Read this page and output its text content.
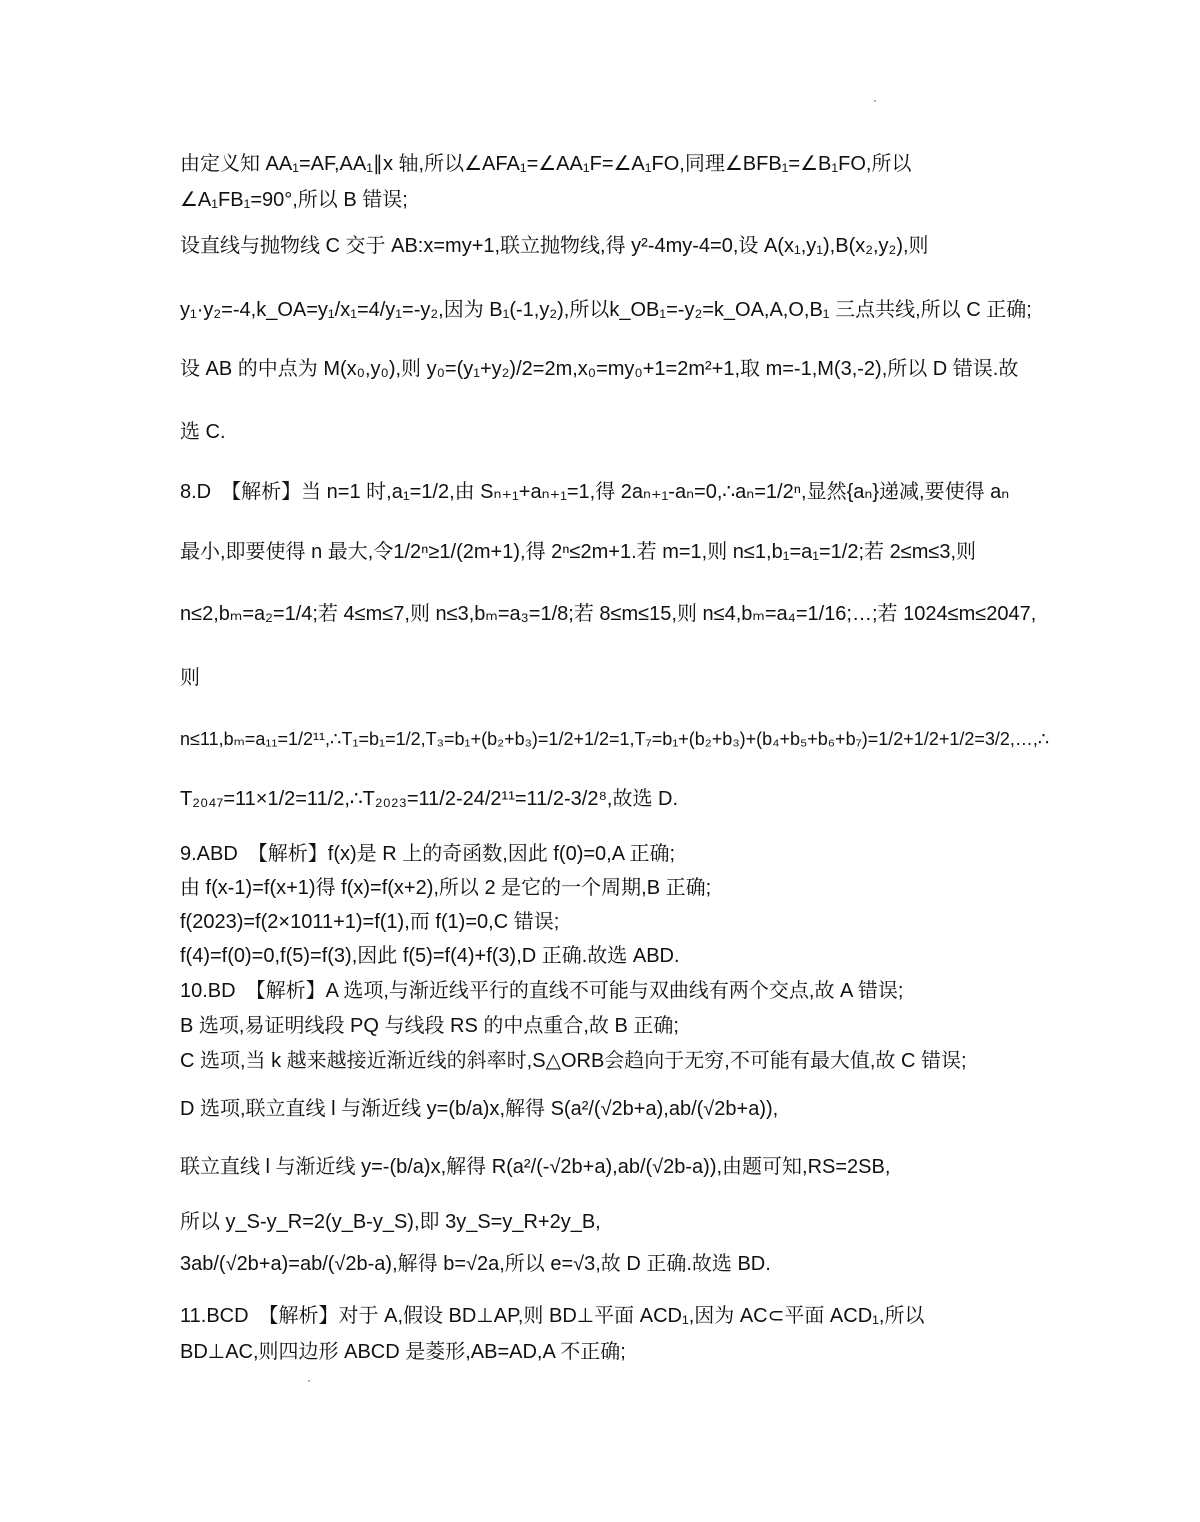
由定义知 AA₁=AF,AA₁∥x 轴,所以∠AFA₁=∠AA₁F=∠A₁FO,同理∠BFB₁=∠B₁FO,所以
∠A₁FB₁=90°,所以 B 错误;
设直线与抛物线 C 交于 AB:x=my+1,联立抛物线,得 y²-4my-4=0,设 A(x₁,y₁),B(x₂,y₂),则
y₁·y₂=-4,k_OA=y₁/x₁=4/y₁=-y₂,因为 B₁(-1,y₂),所以k_OB₁=-y₂=k_OA,A,O,B₁ 三点共线,所以 C 正确;
设 AB 的中点为 M(x₀,y₀),则 y₀=(y₁+y₂)/2=2m,x₀=my₀+1=2m²+1,取 m=-1,M(3,-2),所以 D 错误.故
选 C.
8.D　【解析】当 n=1 时,a₁=1/2,由 Sₙ₊₁+aₙ₊₁=1,得 2aₙ₊₁-aₙ=0,∴aₙ=1/2ⁿ,显然{aₙ}递减,要使得 aₙ
最小,即要使得 n 最大,令1/2ⁿ≥1/(2m+1),得 2ⁿ≤2m+1.若 m=1,则 n≤1,b₁=a₁=1/2;若 2≤m≤3,则
n≤2,bₘ=a₂=1/4;若 4≤m≤7,则 n≤3,bₘ=a₃=1/8;若 8≤m≤15,则 n≤4,bₘ=a₄=1/16;…;若 1024≤m≤2047,
则
n≤11,bₘ=a₁₁=1/2¹¹,∴T₁=b₁=1/2,T₃=b₁+(b₂+b₃)=1/2+1/2=1,T₇=b₁+(b₂+b₃)+(b₄+b₅+b₆+b₇)=1/2+1/2+1/2=3/2,…,∴
T₂₀₄₇=11×1/2=11/2,∴T₂₀₂₃=11/2-24/2¹¹=11/2-3/2⁸,故选 D.
9.ABD　【解析】f(x)是 R 上的奇函数,因此 f(0)=0,A 正确;
由 f(x-1)=f(x+1)得 f(x)=f(x+2),所以 2 是它的一个周期,B 正确;
f(2023)=f(2×1011+1)=f(1),而 f(1)=0,C 错误;
f(4)=f(0)=0,f(5)=f(3),因此 f(5)=f(4)+f(3),D 正确.故选 ABD.
10.BD　【解析】A 选项,与渐近线平行的直线不可能与双曲线有两个交点,故 A 错误;
B 选项,易证明线段 PQ 与线段 RS 的中点重合,故 B 正确;
C 选项,当 k 越来越接近渐近线的斜率时,S△ORB会趋向于无穷,不可能有最大值,故 C 错误;
D 选项,联立直线 l 与渐近线 y=(b/a)x,解得 S(a²/(√2b+a),ab/(√2b+a)),
联立直线 l 与渐近线 y=-(b/a)x,解得 R(a²/(-√2b+a),ab/(√2b-a)),由题可知,RS=2SB,
所以 y_S-y_R=2(y_B-y_S),即 3y_S=y_R+2y_B,
3ab/(√2b+a)=ab/(√2b-a),解得 b=√2a,所以 e=√3,故 D 正确.故选 BD.
11.BCD　【解析】对于 A,假设 BD⊥AP,则 BD⊥平面 ACD₁,因为 AC⊂平面 ACD₁,所以
BD⊥AC,则四边形 ABCD 是菱形,AB=AD,A 不正确;
